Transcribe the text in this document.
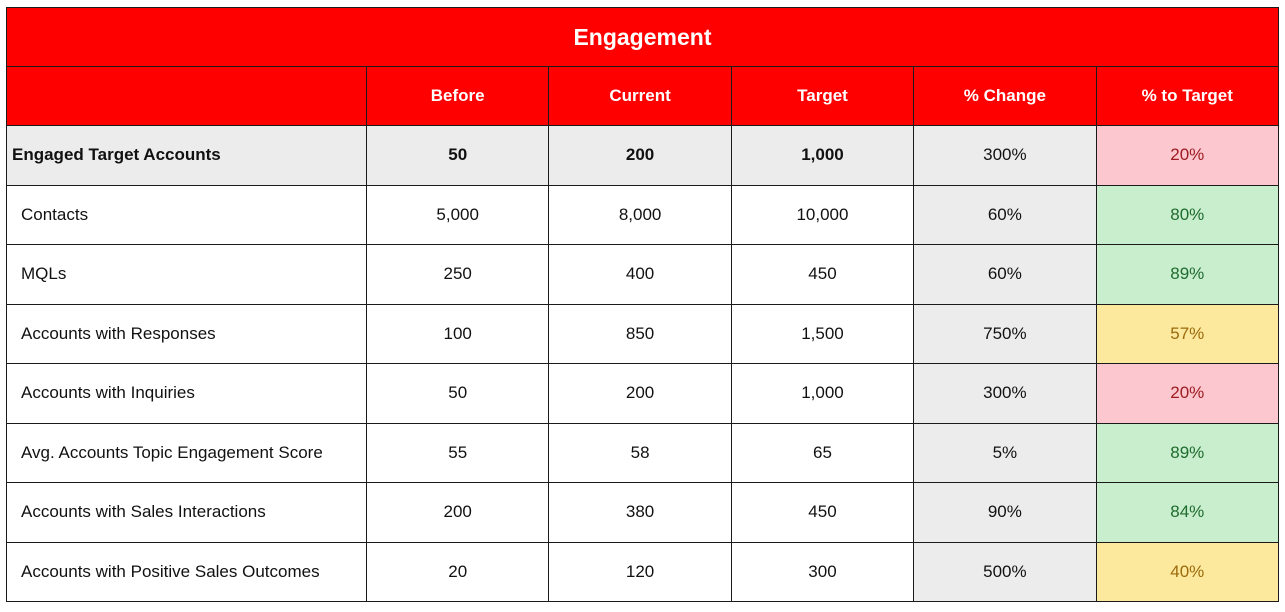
Engagement					
	Before	Current	Target	% Change	% to Target
Engaged Target Accounts	50	200	1,000	300%	20%
Contacts	5,000	8,000	10,000	60%	80%
MQLs	250	400	450	60%	89%
Accounts with Responses	100	850	1,500	750%	57%
Accounts with Inquiries	50	200	1,000	300%	20%
Avg. Accounts Topic Engagement Score	55	58	65	5%	89%
Accounts with Sales Interactions	200	380	450	90%	84%
Accounts with Positive Sales Outcomes	20	120	300	500%	40%
